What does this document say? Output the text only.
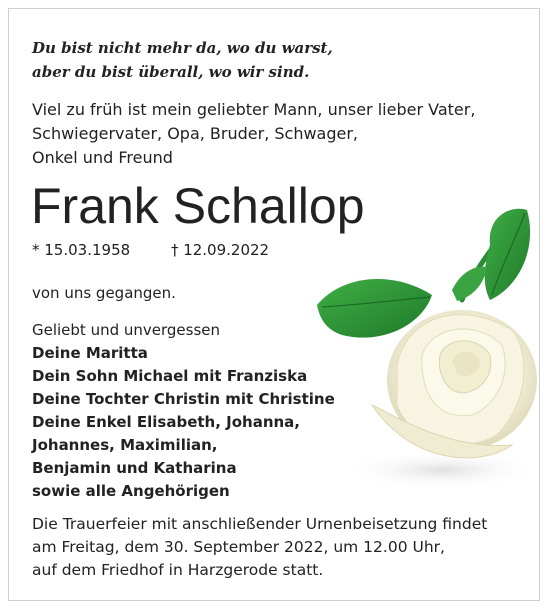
Du bist nicht mehr da, wo du warst,
aber du bist überall, wo wir sind.
Viel zu früh ist mein geliebter Mann, unser lieber Vater,
Schwiegervater, Opa, Bruder, Schwager,
Onkel und Freund
Frank Schallop
* 15.03.1958	† 12.09.2022
von uns gegangen.
Geliebt und unvergessen
Deine Maritta
Dein Sohn Michael mit Franziska
Deine Tochter Christin mit Christine
Deine Enkel Elisabeth, Johanna,
Johannes, Maximilian,
Benjamin und Katharina
sowie alle Angehörigen
Die Trauerfeier mit anschließender Urnenbeisetzung findet
am Freitag, dem 30. September 2022, um 12.00 Uhr,
auf dem Friedhof in Harzgerode statt.
